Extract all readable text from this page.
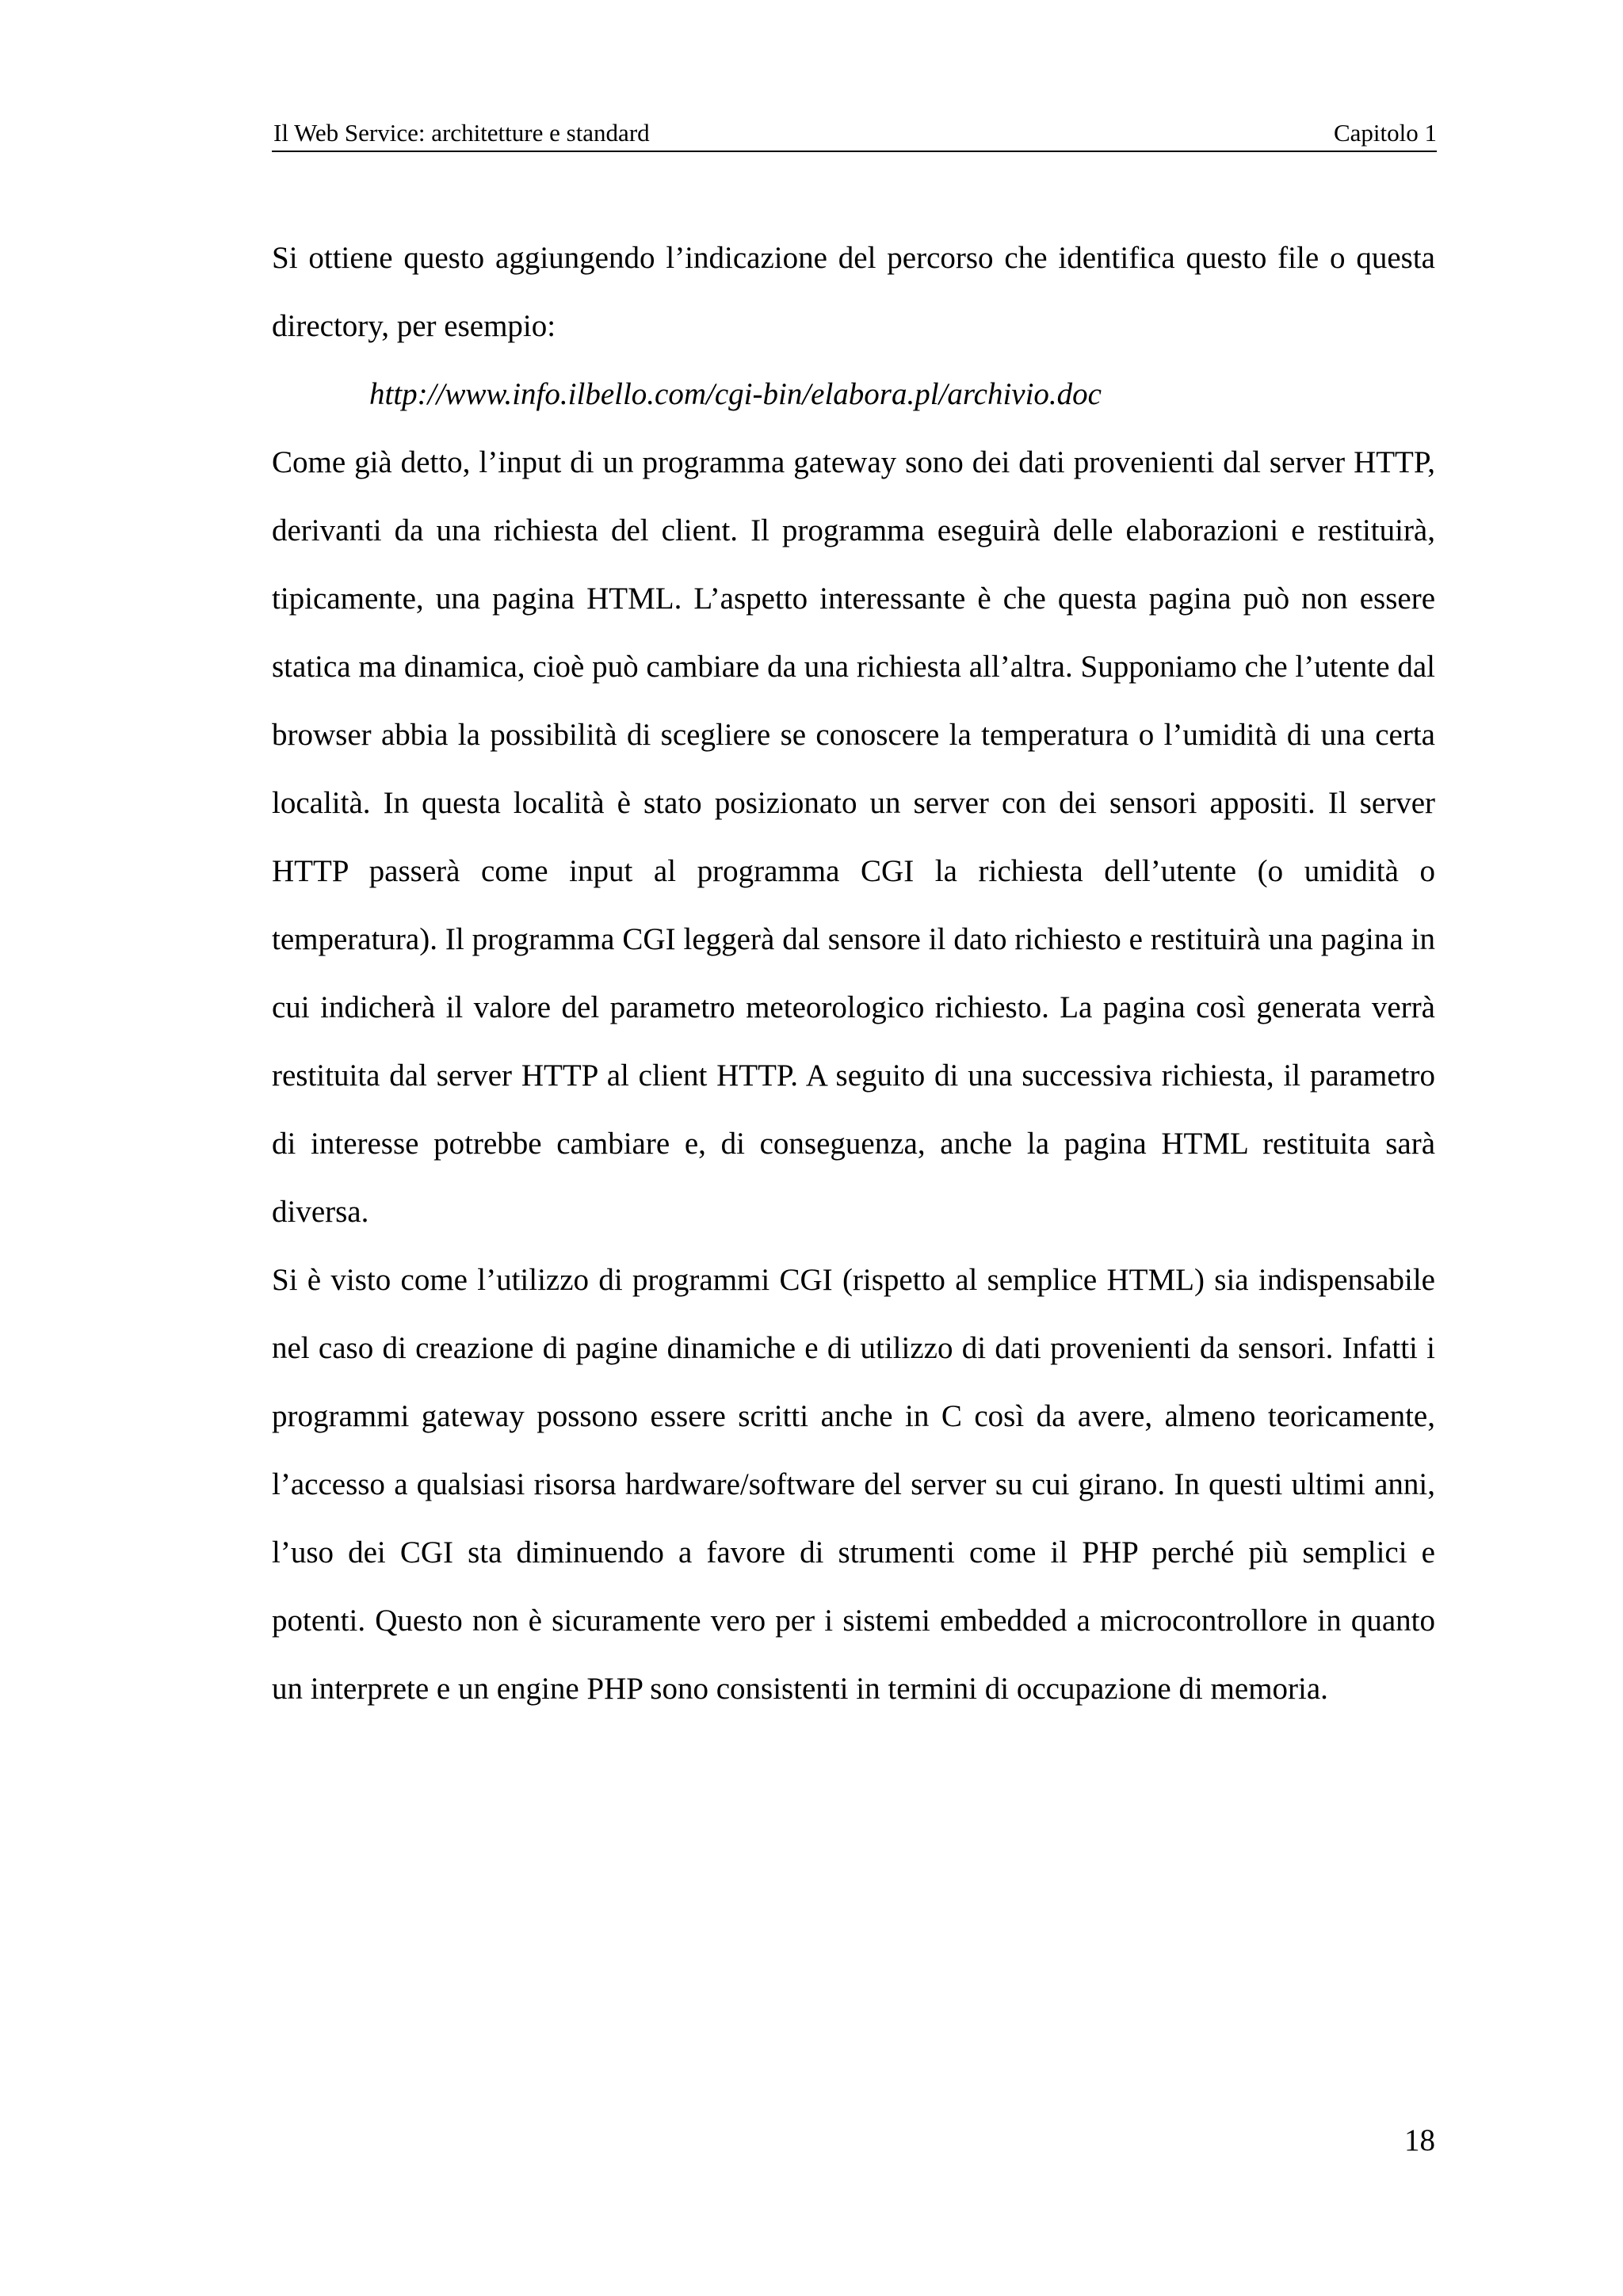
Il Web Service: architetture e standard	Capitolo 1

Si ottiene questo aggiungendo l’indicazione del percorso che identifica questo file o questa directory, per esempio:

http://www.info.ilbello.com/cgi-bin/elabora.pl/archivio.doc

Come già detto, l’input di un programma gateway sono dei dati provenienti dal server HTTP, derivanti da una richiesta del client. Il programma eseguirà delle elaborazioni e restituirà, tipicamente, una pagina HTML. L’aspetto interessante è che questa pagina può non essere statica ma dinamica, cioè può cambiare da una richiesta all’altra. Supponiamo che l’utente dal browser abbia la possibilità di scegliere se conoscere la temperatura o l’umidità di una certa località. In questa località è stato posizionato un server con dei sensori appositi. Il server HTTP passerà come input al programma CGI la richiesta dell’utente (o umidità o temperatura). Il programma CGI leggerà dal sensore il dato richiesto e restituirà una pagina in cui indicherà il valore del parametro meteorologico richiesto. La pagina così generata verrà restituita dal server HTTP al client HTTP. A seguito di una successiva richiesta, il parametro di interesse potrebbe cambiare e, di conseguenza, anche la pagina HTML restituita sarà diversa.

Si è visto come l’utilizzo di programmi CGI (rispetto al semplice HTML) sia indispensabile nel caso di creazione di pagine dinamiche e di utilizzo di dati provenienti da sensori. Infatti i programmi gateway possono essere scritti anche in C così da avere, almeno teoricamente, l’accesso a qualsiasi risorsa hardware/software del server su cui girano. In questi ultimi anni, l’uso dei CGI sta diminuendo a favore di strumenti come il PHP perché più semplici e potenti. Questo non è sicuramente vero per i sistemi embedded a microcontrollore in quanto un interprete e un engine PHP sono consistenti in termini di occupazione di memoria.

18
